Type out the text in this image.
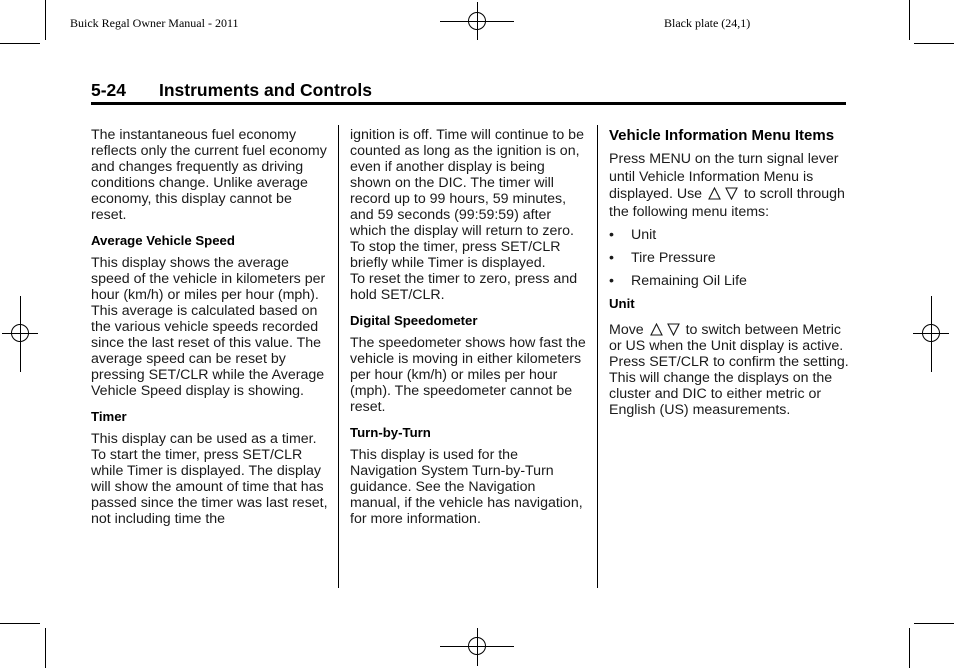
Buick Regal Owner Manual - 2011	Black plate (24,1)
5-24 Instruments and Controls

The instantaneous fuel economy reflects only the current fuel economy and changes frequently as driving conditions change. Unlike average economy, this display cannot be reset.

Average Vehicle Speed

This display shows the average speed of the vehicle in kilometers per hour (km/h) or miles per hour (mph). This average is calculated based on the various vehicle speeds recorded since the last reset of this value. The average speed can be reset by pressing SET/CLR while the Average Vehicle Speed display is showing.

Timer

This display can be used as a timer. To start the timer, press SET/CLR while Timer is displayed. The display will show the amount of time that has passed since the timer was last reset, not including time the

ignition is off. Time will continue to be counted as long as the ignition is on, even if another display is being shown on the DIC. The timer will record up to 99 hours, 59 minutes, and 59 seconds (99:59:59) after which the display will return to zero. To stop the timer, press SET/CLR briefly while Timer is displayed.

To reset the timer to zero, press and hold SET/CLR.

Digital Speedometer

The speedometer shows how fast the vehicle is moving in either kilometers per hour (km/h) or miles per hour (mph). The speedometer cannot be reset.

Turn-by-Turn

This display is used for the Navigation System Turn-by-Turn guidance. See the Navigation manual, if the vehicle has navigation, for more information.

Vehicle Information Menu Items

Press MENU on the turn signal lever until Vehicle Information Menu is displayed. Use	to scroll through the following menu items:

• Unit
• Tire Pressure
• Remaining Oil Life

Unit

Move	to switch between Metric or US when the Unit display is active. Press SET/CLR to confirm the setting. This will change the displays on the cluster and DIC to either metric or English (US) measurements.
